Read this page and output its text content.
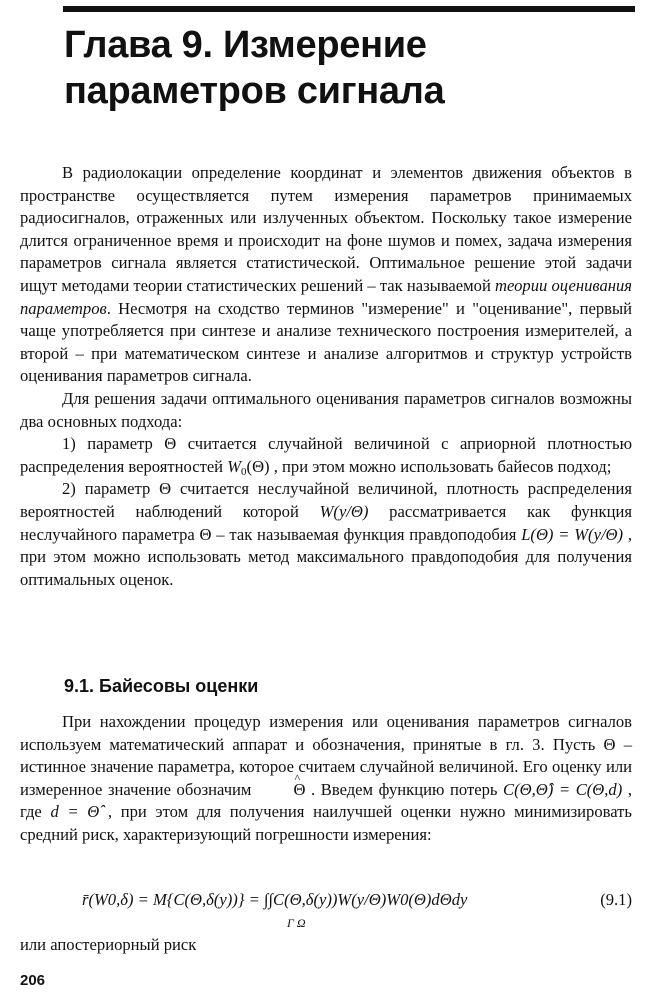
Глава 9. Измерение параметров сигнала

В радиолокации определение координат и элементов движения объектов в пространстве осуществляется путем измерения параметров принимаемых радиосигналов, отраженных или излученных объектом. Поскольку такое измерение длится ограниченное время и происходит на фоне шумов и помех, задача измерения параметров сигнала является статистической. Оптимальное решение этой задачи ищут методами теории статистических решений – так называемой теории оценивания параметров. Несмотря на сходство терминов "измерение" и "оценивание", первый чаще употребляется при синтезе и анализе технического построения измерителей, а второй – при математическом синтезе и анализе алгоритмов и структур устройств оценивания параметров сигнала.

Для решения задачи оптимального оценивания параметров сигналов возможны два основных подхода:

1) параметр Θ считается случайной величиной с априорной плотностью распределения вероятностей $W_0(\Theta)$ , при этом можно использовать байесов подход;

2) параметр Θ считается неслучайной величиной, плотность распределения вероятностей наблюдений которой W(y/Θ) рассматривается как функция неслучайного параметра Θ – так называемая функция правдоподобия L(Θ) = W(y/Θ) , при этом можно использовать метод максимального правдоподобия для получения оптимальных оценок.

9.1. Байесовы оценки

При нахождении процедур измерения или оценивания параметров сигналов используем математический аппарат и обозначения, принятые в гл. 3. Пусть Θ – истинное значение параметра, которое считаем случайной величиной. Его оценку или измеренное значение обозначим^	Θ . Введем функцию потерь C(Θ,Θ̂) = C(Θ,d) , где d = Θ̂ , при этом для получения наилучшей оценки нужно минимизировать средний риск, характеризующий погрешности измерения:

r̄(W0,δ) = M{C(Θ,δ(y))} = ∫∫C(Θ,δ(y))W(y/Θ)W0(Θ)dΘdy
Γ Ω
(9.1)
или апостериорный риск
206
